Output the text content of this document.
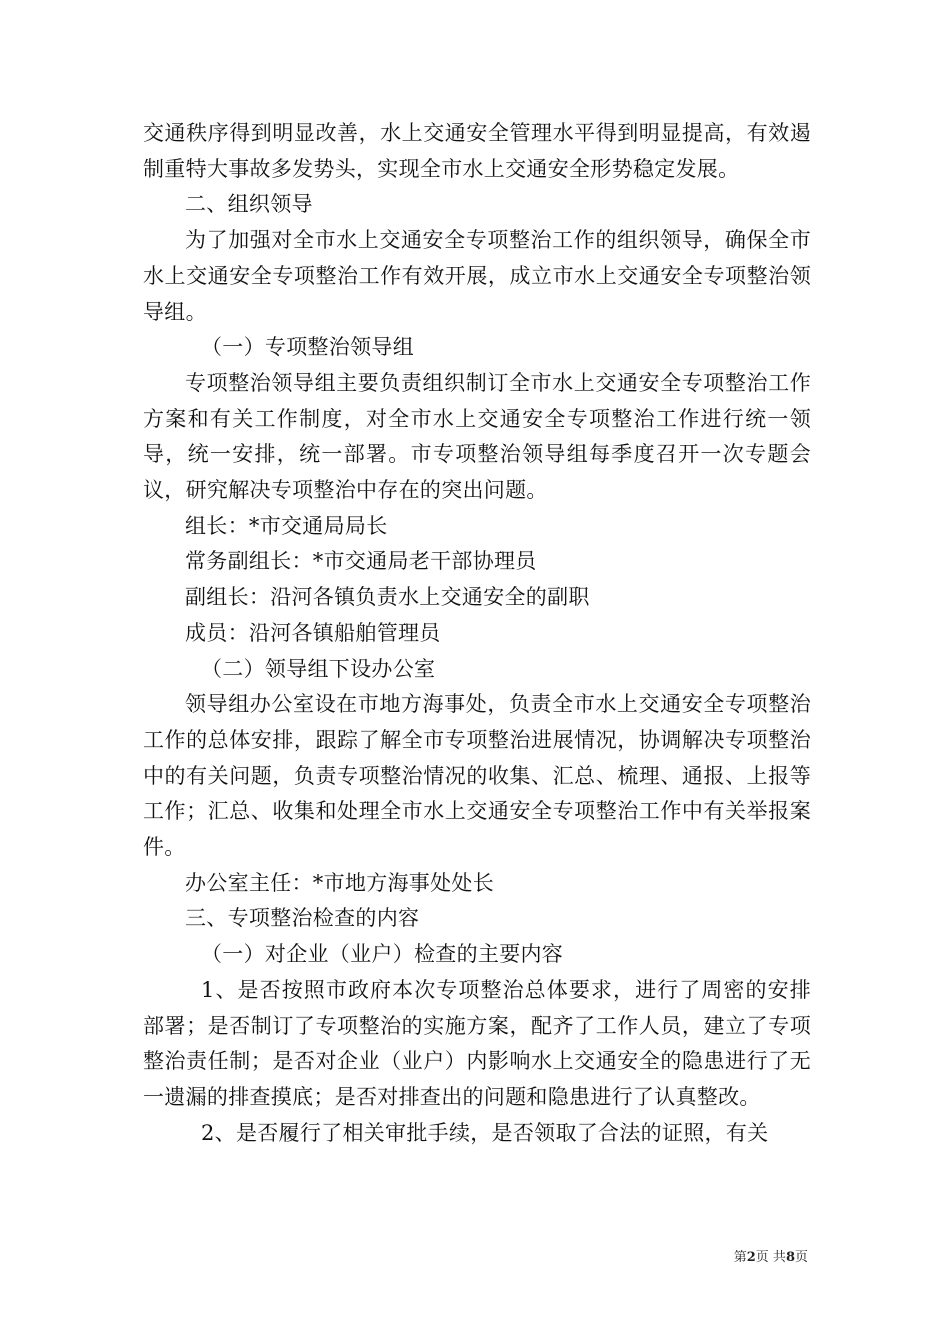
交通秩序得到明显改善，水上交通安全管理水平得到明显提高，有效遏制重特大事故多发势头，实现全市水上交通安全形势稳定发展。

二、组织领导

为了加强对全市水上交通安全专项整治工作的组织领导，确保全市水上交通安全专项整治工作有效开展，成立市水上交通安全专项整治领导组。

（一）专项整治领导组

专项整治领导组主要负责组织制订全市水上交通安全专项整治工作方案和有关工作制度，对全市水上交通安全专项整治工作进行统一领导，统一安排，统一部署。市专项整治领导组每季度召开一次专题会议，研究解决专项整治中存在的突出问题。

组长：*市交通局局长

常务副组长：*市交通局老干部协理员

副组长：沿河各镇负责水上交通安全的副职

成员：沿河各镇船舶管理员

（二）领导组下设办公室

领导组办公室设在市地方海事处，负责全市水上交通安全专项整治工作的总体安排，跟踪了解全市专项整治进展情况，协调解决专项整治中的有关问题，负责专项整治情况的收集、汇总、梳理、通报、上报等工作；汇总、收集和处理全市水上交通安全专项整治工作中有关举报案件。

办公室主任：*市地方海事处处长

三、专项整治检查的内容

（一）对企业（业户）检查的主要内容

1、是否按照市政府本次专项整治总体要求，进行了周密的安排部署；是否制订了专项整治的实施方案，配齐了工作人员，建立了专项整治责任制；是否对企业（业户）内影响水上交通安全的隐患进行了无一遗漏的排查摸底；是否对排查出的问题和隐患进行了认真整改。

2、是否履行了相关审批手续，是否领取了合法的证照，有关

第2页 共8页
